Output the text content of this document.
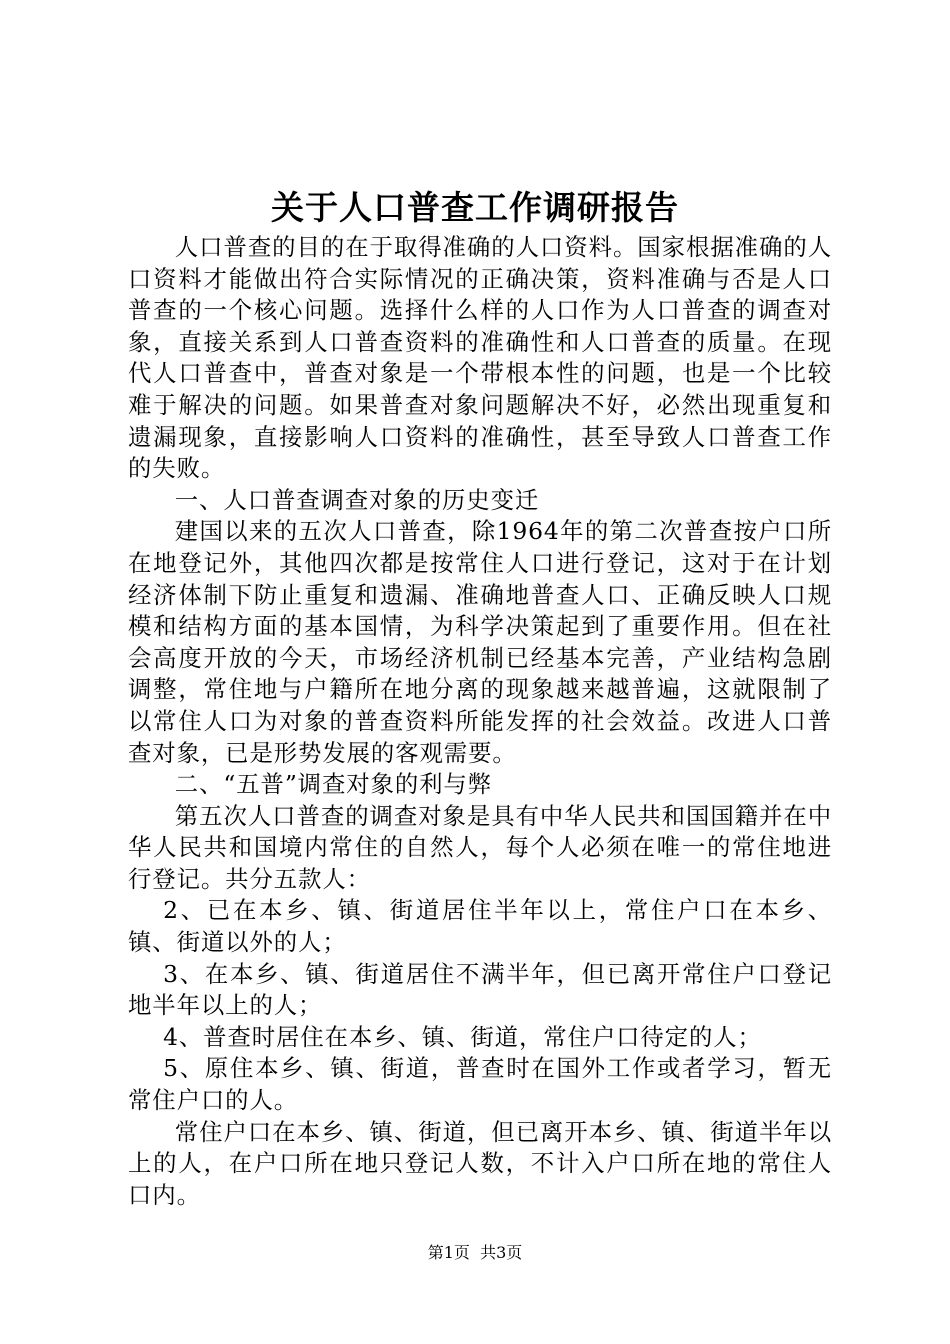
关于人口普查工作调研报告

人口普查的目的在于取得准确的人口资料。国家根据准确的人口资料才能做出符合实际情况的正确决策，资料准确与否是人口普查的一个核心问题。选择什么样的人口作为人口普查的调查对象，直接关系到人口普查资料的准确性和人口普查的质量。在现代人口普查中，普查对象是一个带根本性的问题，也是一个比较难于解决的问题。如果普查对象问题解决不好，必然出现重复和遗漏现象，直接影响人口资料的准确性，甚至导致人口普查工作的失败。

一、人口普查调查对象的历史变迁

建国以来的五次人口普查，除1964年的第二次普查按户口所在地登记外，其他四次都是按常住人口进行登记，这对于在计划经济体制下防止重复和遗漏、准确地普查人口、正确反映人口规模和结构方面的基本国情，为科学决策起到了重要作用。但在社会高度开放的今天，市场经济机制已经基本完善，产业结构急剧调整，常住地与户籍所在地分离的现象越来越普遍，这就限制了以常住人口为对象的普查资料所能发挥的社会效益。改进人口普查对象，已是形势发展的客观需要。

二、“五普”调查对象的利与弊

第五次人口普查的调查对象是具有中华人民共和国国籍并在中华人民共和国境内常住的自然人，每个人必须在唯一的常住地进行登记。共分五款人：

2、已在本乡、镇、街道居住半年以上，常住户口在本乡、镇、街道以外的人；

3、在本乡、镇、街道居住不满半年，但已离开常住户口登记地半年以上的人；

4、普查时居住在本乡、镇、街道，常住户口待定的人；

5、原住本乡、镇、街道，普查时在国外工作或者学习，暂无常住户口的人。

常住户口在本乡、镇、街道，但已离开本乡、镇、街道半年以上的人，在户口所在地只登记人数，不计入户口所在地的常住人口内。

第1页 共3页
